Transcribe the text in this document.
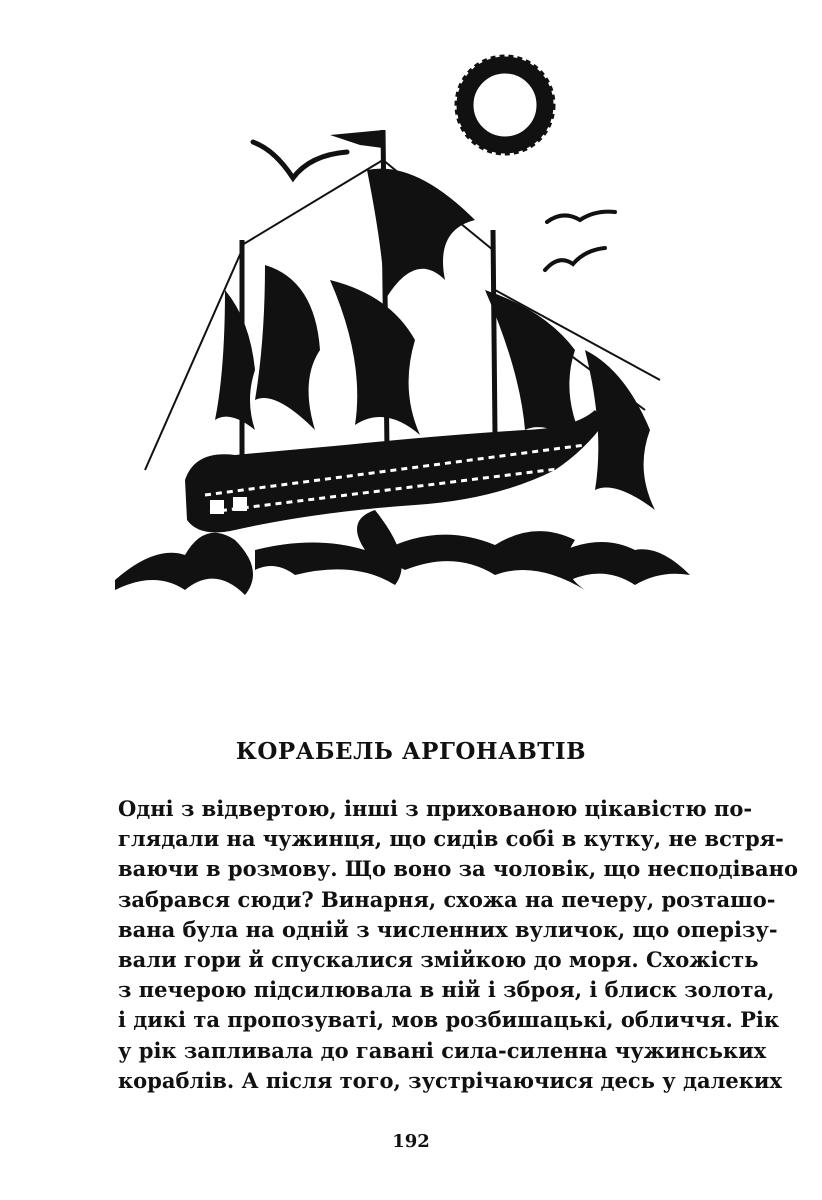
КОРАБЕЛЬ АРГОНАВТІВ
Одні з відвертою, інші з прихованою цікавістю по-
глядали на чужинця, що сидів собі в кутку, не встря-
ваючи в розмову. Що воно за чоловік, що несподівано
забрався сюди? Винарня, схожа на печеру, розташо-
вана була на одній з численних вуличок, що оперізу-
вали гори й спускалися змійкою до моря. Схожість
з печерою підсилювала в ній і зброя, і блиск золота,
і дикі та пропозуваті, мов розбишацькі, обличчя. Рік
у рік запливала до гавані сила-силенна чужинських
кораблів. А після того, зустрічаючися десь у далеких
192
